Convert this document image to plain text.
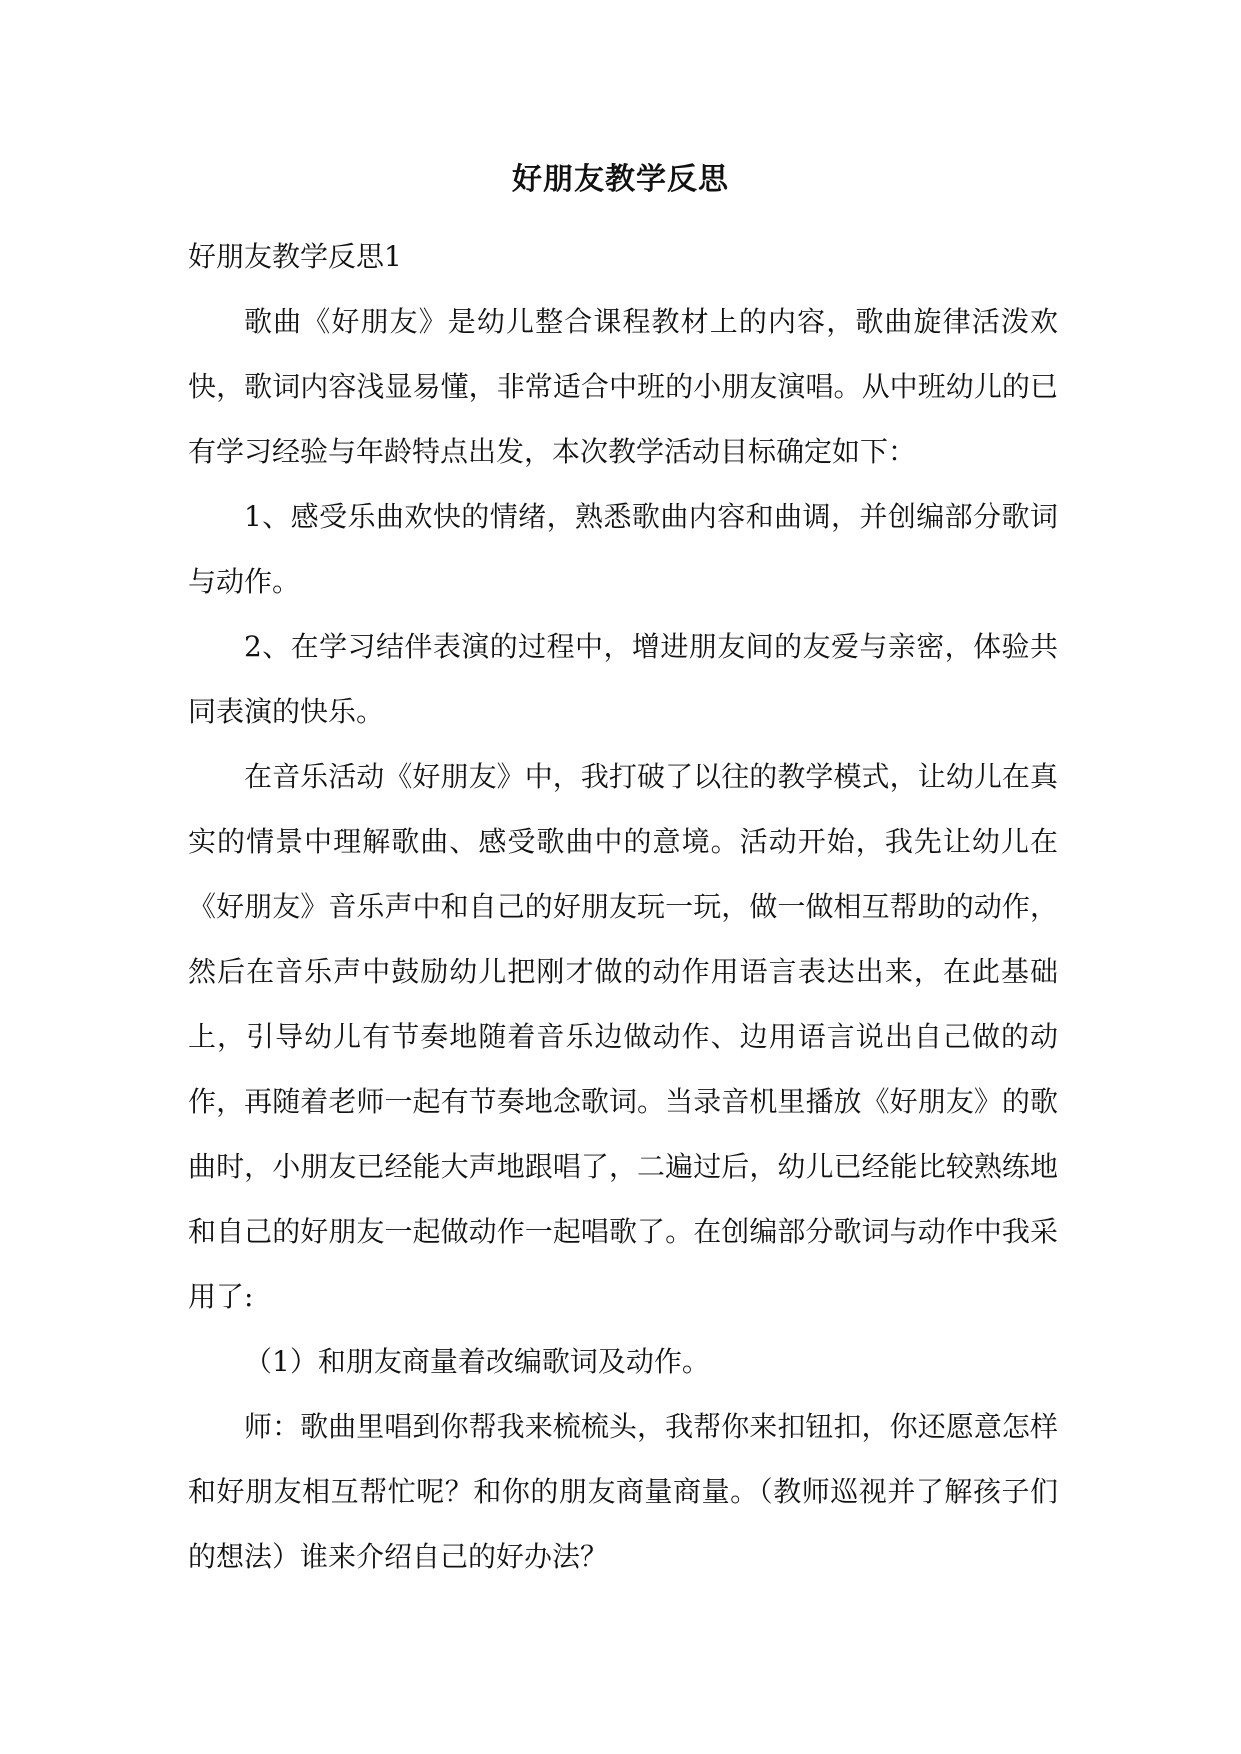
好朋友教学反思

好朋友教学反思1

歌曲《好朋友》是幼儿整合课程教材上的内容，歌曲旋律活泼欢快，歌词内容浅显易懂，非常适合中班的小朋友演唱。从中班幼儿的已有学习经验与年龄特点出发，本次教学活动目标确定如下：

1、感受乐曲欢快的情绪，熟悉歌曲内容和曲调，并创编部分歌词与动作。

2、在学习结伴表演的过程中，增进朋友间的友爱与亲密，体验共同表演的快乐。

在音乐活动《好朋友》中，我打破了以往的教学模式，让幼儿在真实的情景中理解歌曲、感受歌曲中的意境。活动开始，我先让幼儿在《好朋友》音乐声中和自己的好朋友玩一玩，做一做相互帮助的动作，然后在音乐声中鼓励幼儿把刚才做的动作用语言表达出来，在此基础上，引导幼儿有节奏地随着音乐边做动作、边用语言说出自己做的动作，再随着老师一起有节奏地念歌词。当录音机里播放《好朋友》的歌曲时，小朋友已经能大声地跟唱了，二遍过后，幼儿已经能比较熟练地和自己的好朋友一起做动作一起唱歌了。在创编部分歌词与动作中我采用了:

（1）和朋友商量着改编歌词及动作。

师：歌曲里唱到你帮我来梳梳头，我帮你来扣钮扣，你还愿意怎样和好朋友相互帮忙呢？和你的朋友商量商量。（教师巡视并了解孩子们的想法）谁来介绍自己的好办法？
